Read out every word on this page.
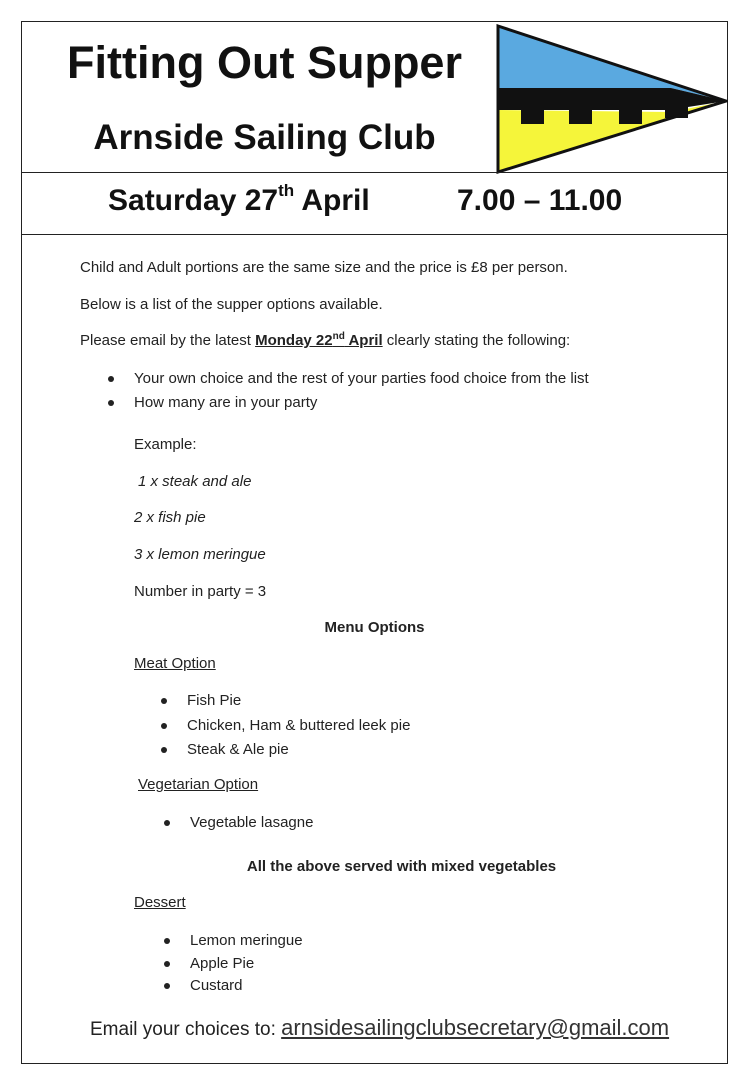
Fitting Out Supper
Arnside Sailing Club
Saturday 27th April	7.00 – 11.00
Child and Adult portions are the same size and the price is £8 per person.
Below is a list of the supper options available.
Please email by the latest Monday 22nd April clearly stating the following:
Your own choice and the rest of your parties food choice from the list
How many are in your party
Example:
1 x steak and ale
2 x fish pie
3 x lemon meringue
Number in party = 3
Menu Options
Meat Option
Fish Pie
Chicken, Ham & buttered leek pie
Steak & Ale pie
Vegetarian Option
Vegetable lasagne
All the above served with mixed vegetables
Dessert
Lemon meringue
Apple Pie
Custard
Email your choices to: arnsidesailingclubsecretary@gmail.com
